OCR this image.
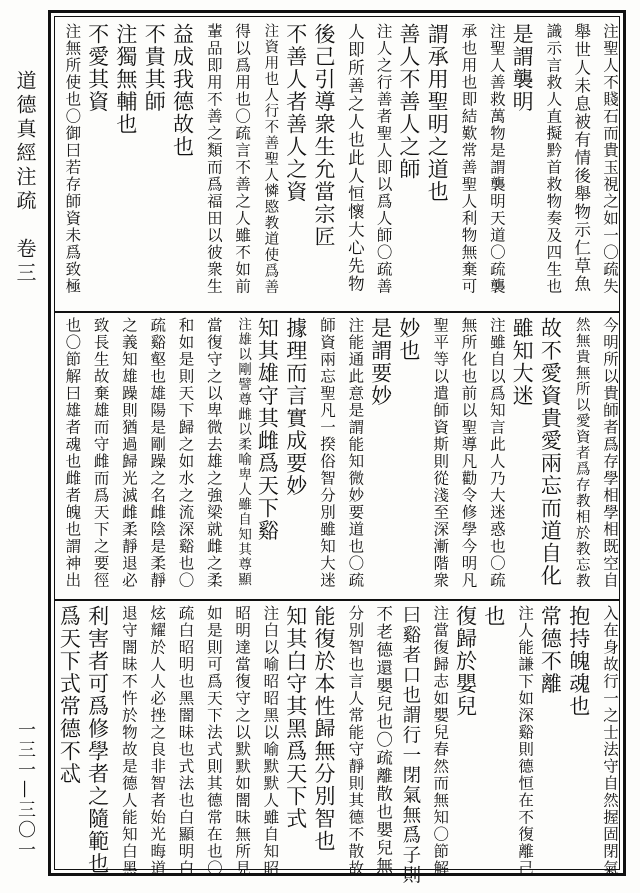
道德真經注疏　卷三
一三一—三〇一
注聖人不賤石而貴玉視之如一〇疏失
舉世人未息被有情後舉物示仁草魚
識示言救人直擬黔首救物奏及四生也
是謂襲明
注聖人善救萬物是謂襲明天道〇疏襲
承也用也即結歎常善聖人利物無棄可
謂承用聖明之道也
善人不善人之師
注人之行善者聖人即以爲人師〇疏善
人即所善之人也此人恒懷大心先物
後己引導衆生允當宗匠
不善人者善人之資
注資用也人行不善聖人憐愍教道使爲善
得以爲用也〇疏言不善之人雖不如前
輩品即用不善之類而爲福田以彼衆生
益成我德故也
不貴其師
注獨無輔也
不愛其資
注無所使也〇御曰若存師資未爲致極
今明所以貴師者爲存學相學相既空自
然無貴無所以愛資者爲存教相於教忘教
故不愛資貴愛兩忘而道自化
雖知大迷
注雖自以爲知言此人乃大迷惑也〇疏
無所化也前以聖導凡勸令修學今明凡
聖平等以遣師資斯則從淺至深漸階衆
妙也
是謂要妙
注能通此意是謂能知微妙要道也〇疏
師資兩忘聖凡一揆俗智分別雖知大迷
據理而言實成要妙
知其雄守其雌爲天下谿
注雄以剛譬尊雌以柔喻卑人雖自知其尊顯
當復守之以卑微去雄之強梁就雌之柔
和如是則天下歸之如水之流深谿也〇
疏谿壑也雄陽是剛躁之名雌陰是柔靜
之義知雄躁則猶過歸光滅雌柔靜退必
致長生故棄雄而守雌而爲天下之要徑
也〇節解曰雄者魂也雌者魄也謂神出
入在身故行一之士法守自然握固閉氣
抱持魄魂也
常德不離
注人能謙下如深谿則德恒在不復離己
也
復歸於嬰兒
注當復歸志如嬰兒春然而無知〇節解
曰谿者口也謂行一閉氣無爲子則
不老德還嬰兒也〇疏離散也嬰兒無
分別智也言人常能守靜則其德不散故
能復於本性歸無分別智也
知其白守其黑爲天下式
注白以喻昭昭黑以喻默默人雖自知昭
昭明達當復守之以默默如闇昧無所見
如是則可爲天下法式則其德常在也〇
疏白昭明也黑闇昧也式法也白顯明白
炫耀於人人必挫之良非智者始光晦道
退守闇昧不忤於物故是德人能知白黑
利害者可爲修學者之隨範也
爲天下式常德不忒
